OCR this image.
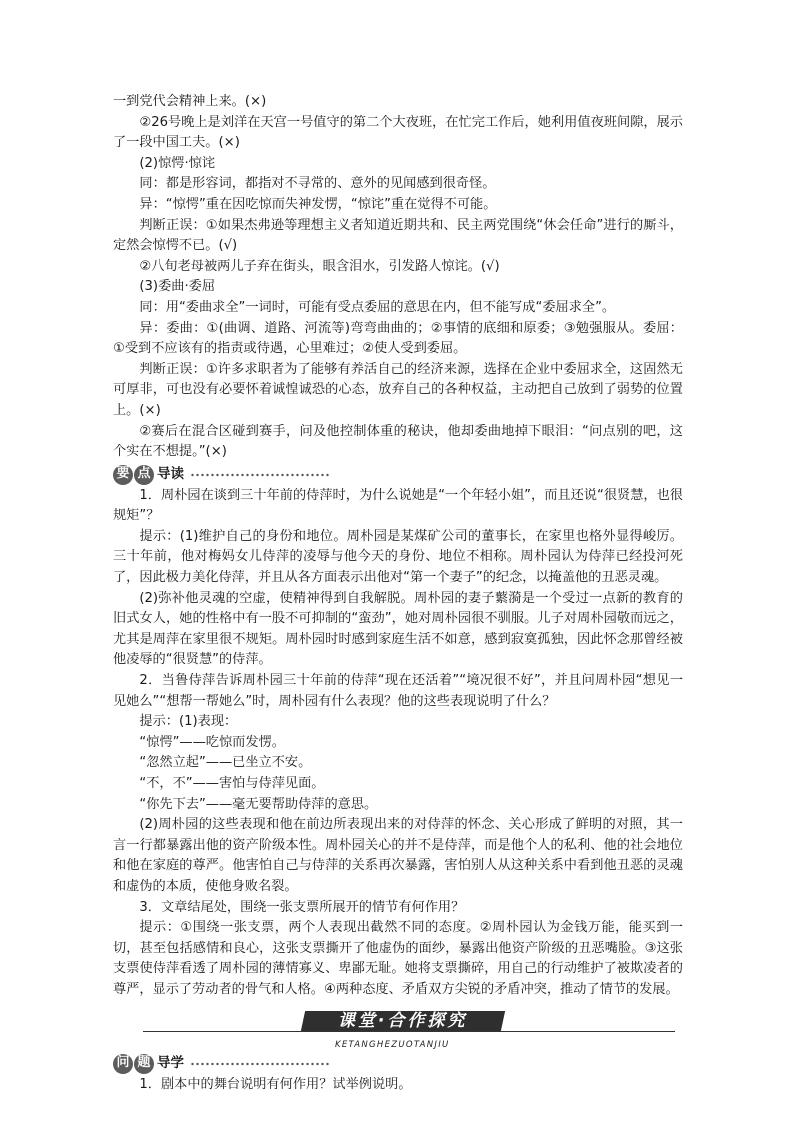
一到党代会精神上来。(×)

②26号晚上是刘洋在天宫一号值守的第二个大夜班，在忙完工作后，她利用值夜班间隙，展示了一段中国工夫。(×)

(2)惊愕·惊诧

同：都是形容词，都指对不寻常的、意外的见闻感到很奇怪。

异：“惊愕”重在因吃惊而失神发愣，“惊诧”重在觉得不可能。

判断正误：①如果杰弗逊等理想主义者知道近期共和、民主两党围绕“休会任命”进行的厮斗，定然会惊愕不已。(√)

②八旬老母被两儿子弃在街头，眼含泪水，引发路人惊诧。(√)

(3)委曲·委屈

同：用“委曲求全”一词时，可能有受点委屈的意思在内，但不能写成“委屈求全”。

异：委曲：①(曲调、道路、河流等)弯弯曲曲的；②事情的底细和原委；③勉强服从。委屈：①受到不应该有的指责或待遇，心里难过；②使人受到委屈。

判断正误：①许多求职者为了能够有养活自己的经济来源，选择在企业中委屈求全，这固然无可厚非，可也没有必要怀着诚惶诚恐的心态，放弃自己的各种权益，主动把自己放到了弱势的位置上。(×)

②赛后在混合区碰到赛手，问及他控制体重的秘诀，他却委曲地掉下眼泪：“问点别的吧，这个实在不想提。”(×)

要 点 导读

1．周朴园在谈到三十年前的侍萍时，为什么说她是“一个年轻小姐”，而且还说“很贤慧，也很规矩”？

提示：(1)维护自己的身份和地位。周朴园是某煤矿公司的董事长，在家里也格外显得峻厉。三十年前，他对梅妈女儿侍萍的凌辱与他今天的身份、地位不相称。周朴园认为侍萍已经投河死了，因此极力美化侍萍，并且从各方面表示出他对“第一个妻子”的纪念，以掩盖他的丑恶灵魂。

(2)弥补他灵魂的空虚，使精神得到自我解脱。周朴园的妻子蘩漪是一个受过一点新的教育的旧式女人，她的性格中有一股不可抑制的“蛮劲”，她对周朴园很不驯服。儿子对周朴园敬而远之，尤其是周萍在家里很不规矩。周朴园时时感到家庭生活不如意，感到寂寞孤独，因此怀念那曾经被他凌辱的“很贤慧”的侍萍。

2．当鲁侍萍告诉周朴园三十年前的侍萍“现在还活着”“境况很不好”，并且问周朴园“想见一见她么”“想帮一帮她么”时，周朴园有什么表现？他的这些表现说明了什么？

提示：(1)表现：

“惊愕”——吃惊而发愣。

“忽然立起”——已坐立不安。

“不，不”——害怕与侍萍见面。

“你先下去”——毫无要帮助侍萍的意思。

(2)周朴园的这些表现和他在前边所表现出来的对侍萍的怀念、关心形成了鲜明的对照，其一言一行都暴露出他的资产阶级本性。周朴园关心的并不是侍萍，而是他个人的私利、他的社会地位和他在家庭的尊严。他害怕自己与侍萍的关系再次暴露，害怕别人从这种关系中看到他丑恶的灵魂和虚伪的本质，使他身败名裂。

3．文章结尾处，围绕一张支票所展开的情节有何作用？

提示：①围绕一张支票，两个人表现出截然不同的态度。②周朴园认为金钱万能，能买到一切，甚至包括感情和良心，这张支票撕开了他虚伪的面纱，暴露出他资产阶级的丑恶嘴脸。③这张支票使侍萍看透了周朴园的薄情寡义、卑鄙无耻。她将支票撕碎，用自己的行动维护了被欺凌者的尊严，显示了劳动者的骨气和人格。④两种态度、矛盾双方尖锐的矛盾冲突，推动了情节的发展。

课堂·合作探究
KETANGHEZUOTANJIU
问 题 导学

1．剧本中的舞台说明有何作用？试举例说明。
